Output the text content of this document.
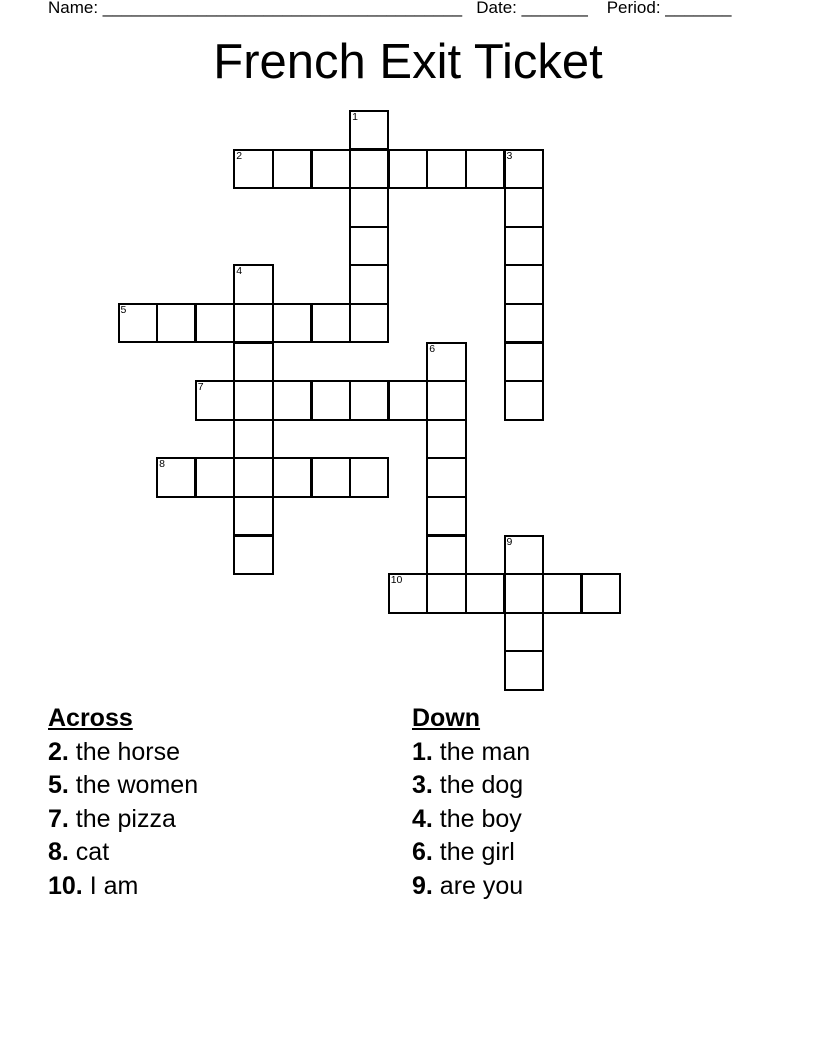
Name: ______________________________________ Date: _______ Period: _______
French Exit Ticket
1
2	3
4
5
6
7
8
9
10
Across
2. the horse
5. the women
7. the pizza
8. cat
10. I am
Down
1. the man
3. the dog
4. the boy
6. the girl
9. are you
